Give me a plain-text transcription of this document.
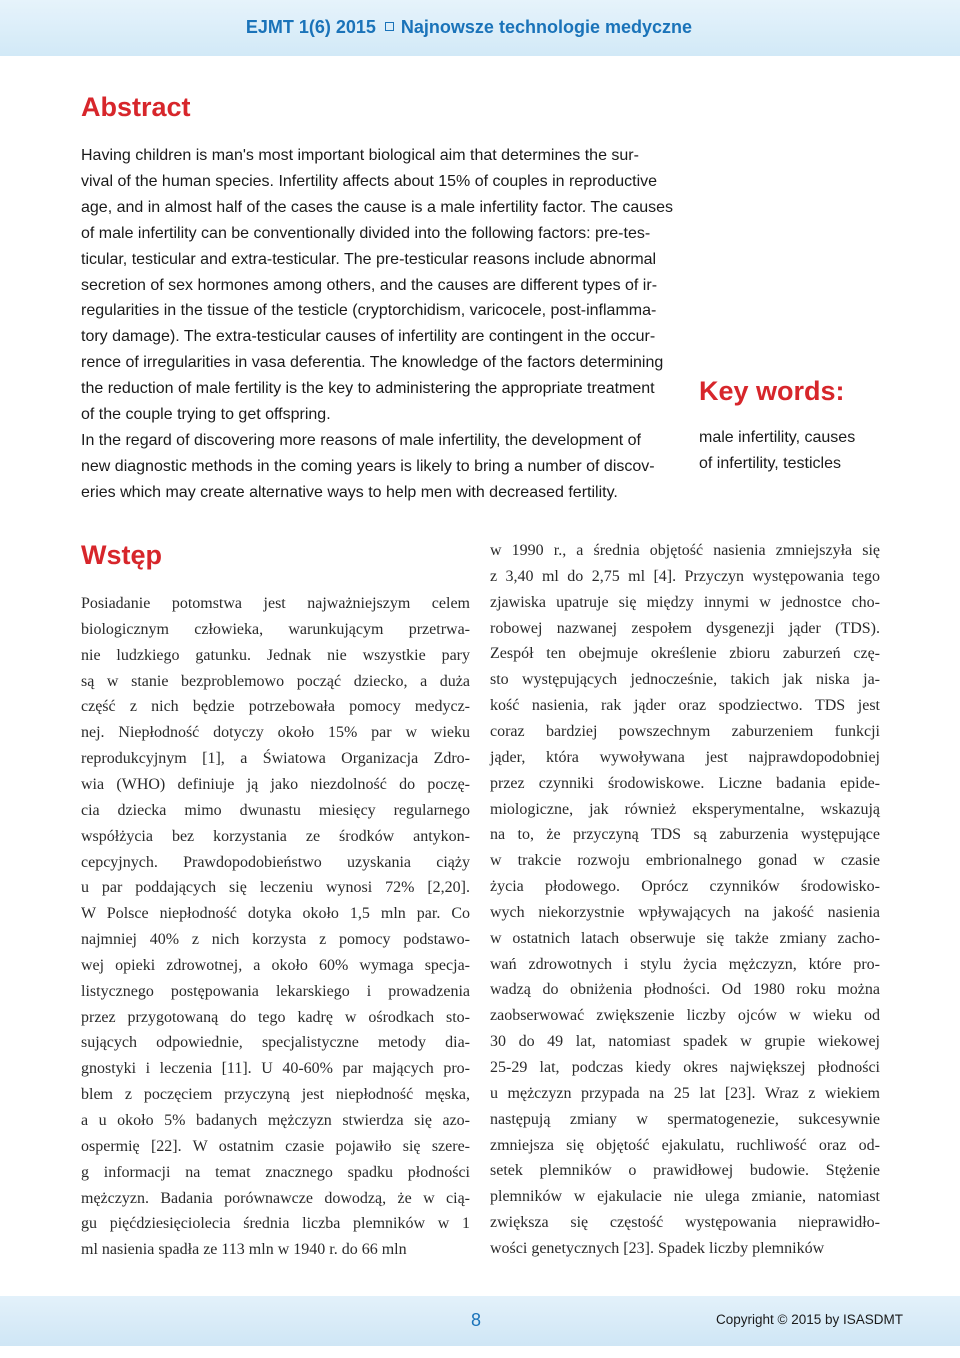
EJMT 1(6) 2015 Najnowsze technologie medyczne
Abstract
Having children is man's most important biological aim that determines the sur-
vival of the human species. Infertility affects about 15% of couples in reproductive
age, and in almost half of the cases the cause is a male infertility factor. The causes
of male infertility can be conventionally divided into the following factors: pre-tes-
ticular, testicular and extra-testicular. The pre-testicular reasons include abnormal
secretion of sex hormones among others, and the causes are different types of ir-
regularities in the tissue of the testicle (cryptorchidism, varicocele, post-inflamma-
tory damage). The extra-testicular causes of infertility are contingent in the occur-
rence of irregularities in vasa deferentia. The knowledge of the factors determining
the reduction of male fertility is the key to administering the appropriate treatment
of the couple trying to get offspring.
In the regard of discovering more reasons of male infertility, the development of
new diagnostic methods in the coming years is likely to bring a number of discov-
eries which may create alternative ways to help men with decreased fertility.
Key words:
male infertility, causes
of infertility, testicles
Wstęp
Posiadanie potomstwa jest najważniejszym celem
biologicznym człowieka, warunkującym przetrwa-
nie ludzkiego gatunku. Jednak nie wszystkie pary
są w stanie bezproblemowo począć dziecko, a duża
część z nich będzie potrzebowała pomocy medycz-
nej. Niepłodność dotyczy około 15% par w wieku
reprodukcyjnym [1], a Światowa Organizacja Zdro-
wia (WHO) definiuje ją jako niezdolność do poczę-
cia dziecka mimo dwunastu miesięcy regularnego
współżycia bez korzystania ze środków antykon-
cepcyjnych. Prawdopodobieństwo uzyskania ciąży
u par poddających się leczeniu wynosi 72% [2,20].
W Polsce niepłodność dotyka około 1,5 mln par. Co
najmniej 40% z nich korzysta z pomocy podstawo-
wej opieki zdrowotnej, a około 60% wymaga specja-
listycznego postępowania lekarskiego i prowadzenia
przez przygotowaną do tego kadrę w ośrodkach sto-
sujących odpowiednie, specjalistyczne metody dia-
gnostyki i leczenia [11]. U 40-60% par mających pro-
blem z poczęciem przyczyną jest niepłodność męska,
a u około 5% badanych mężczyzn stwierdza się azo-
ospermię [22]. W ostatnim czasie pojawiło się szere-
g informacji na temat znacznego spadku płodności
mężczyzn. Badania porównawcze dowodzą, że w cią-
gu pięćdziesięciolecia średnia liczba plemników w 1
ml nasienia spadła ze 113 mln w 1940 r. do 66 mln
w 1990 r., a średnia objętość nasienia zmniejszyła się
z 3,40 ml do 2,75 ml [4]. Przyczyn występowania tego
zjawiska upatruje się między innymi w jednostce cho-
robowej nazwanej zespołem dysgenezji jąder (TDS).
Zespół ten obejmuje określenie zbioru zaburzeń czę-
sto występujących jednocześnie, takich jak niska ja-
kość nasienia, rak jąder oraz spodziectwo. TDS jest
coraz bardziej powszechnym zaburzeniem funkcji
jąder, która wywoływana jest najprawdopodobniej
przez czynniki środowiskowe. Liczne badania epide-
miologiczne, jak również eksperymentalne, wskazują
na to, że przyczyną TDS są zaburzenia występujące
w trakcie rozwoju embrionalnego gonad w czasie
życia płodowego. Oprócz czynników środowisko-
wych niekorzystnie wpływających na jakość nasienia
w ostatnich latach obserwuje się także zmiany zacho-
wań zdrowotnych i stylu życia mężczyzn, które pro-
wadzą do obniżenia płodności. Od 1980 roku można
zaobserwować zwiększenie liczby ojców w wieku od
30 do 49 lat, natomiast spadek w grupie wiekowej
25-29 lat, podczas kiedy okres największej płodności
u mężczyzn przypada na 25 lat [23]. Wraz z wiekiem
następują zmiany w spermatogenezie, sukcesywnie
zmniejsza się objętość ejakulatu, ruchliwość oraz od-
setek plemników o prawidłowej budowie. Stężenie
plemników w ejakulacie nie ulega zmianie, natomiast
zwiększa się częstość występowania nieprawidło-
wości genetycznych [23]. Spadek liczby plemników
8	Copyright © 2015 by ISASDMT
